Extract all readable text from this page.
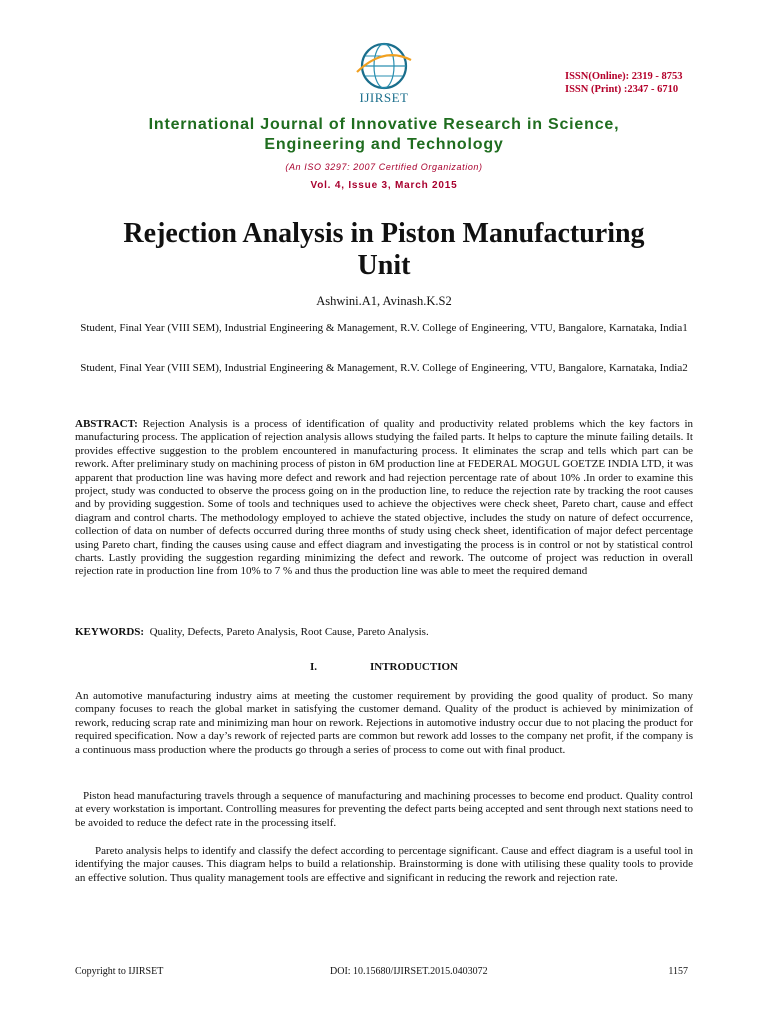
IJIRSET
ISSN(Online): 2319 - 8753
ISSN (Print) :2347 - 6710
International Journal of Innovative Research in Science,
Engineering and Technology
(An ISO 3297: 2007 Certified Organization)
Vol. 4, Issue 3, March 2015
Rejection Analysis in Piston Manufacturing
Unit
Ashwini.A1, Avinash.K.S2
Student, Final Year (VIII SEM), Industrial Engineering & Management, R.V. College of Engineering, VTU, Bangalore, Karnataka, India1
Student, Final Year (VIII SEM), Industrial Engineering & Management, R.V. College of Engineering, VTU, Bangalore, Karnataka, India2
ABSTRACT: Rejection Analysis is a process of identification of quality and productivity related problems which the key factors in manufacturing process. The application of rejection analysis allows studying the failed parts. It helps to capture the minute failing details. It provides effective suggestion to the problem encountered in manufacturing process. It eliminates the scrap and tells which part can be rework. After preliminary study on machining process of piston in 6M production line at FEDERAL MOGUL GOETZE INDIA LTD, it was apparent that production line was having more defect and rework and had rejection percentage rate of about 10% .In order to examine this project, study was conducted to observe the process going on in the production line, to reduce the rejection rate by tracking the root causes and by providing suggestion. Some of tools and techniques used to achieve the objectives were check sheet, Pareto chart, cause and effect diagram and control charts. The methodology employed to achieve the stated objective, includes the study on nature of defect occurrence, collection of data on number of defects occurred during three months of study using check sheet, identification of major defect percentage using Pareto chart, finding the causes using cause and effect diagram and investigating the process is in control or not by statistical control charts. Lastly providing the suggestion regarding minimizing the defect and rework. The outcome of project was reduction in overall rejection rate in production line from 10% to 7 % and thus the production line was able to meet the required demand
KEYWORDS: Quality, Defects, Pareto Analysis, Root Cause, Pareto Analysis.
I.	INTRODUCTION
An automotive manufacturing industry aims at meeting the customer requirement by providing the good quality of product. So many company focuses to reach the global market in satisfying the customer demand. Quality of the product is achieved by minimization of rework, reducing scrap rate and minimizing man hour on rework. Rejections in automotive industry occur due to not placing the product for required specification. Now a day’s rework of rejected parts are common but rework add losses to the company net profit, if the company is a continuous mass production where the products go through a series of process to come out with final product.
Piston head manufacturing travels through a sequence of manufacturing and machining processes to become end product. Quality control at every workstation is important. Controlling measures for preventing the defect parts being accepted and sent through next stations need to be avoided to reduce the defect rate in the processing itself.
Pareto analysis helps to identify and classify the defect according to percentage significant. Cause and effect diagram is a useful tool in identifying the major causes. This diagram helps to build a relationship. Brainstorming is done with utilising these quality tools to provide an effective solution. Thus quality management tools are effective and significant in reducing the rework and rejection rate.
Copyright to IJIRSET	DOI: 10.15680/IJIRSET.2015.0403072	1157
